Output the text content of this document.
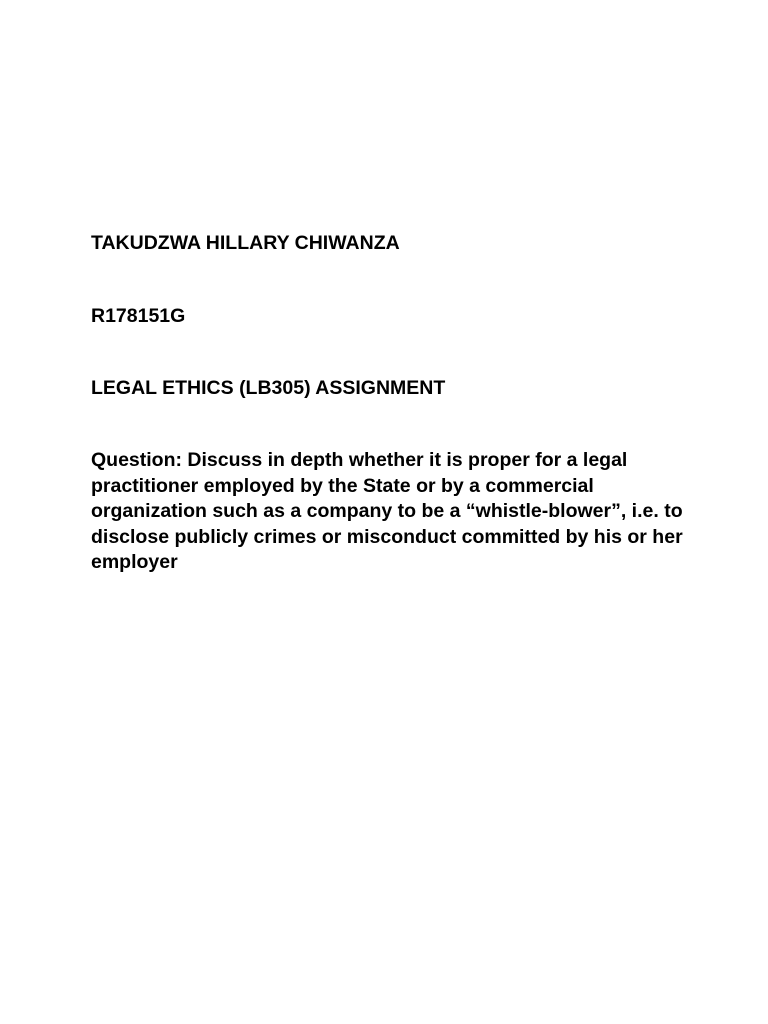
TAKUDZWA HILLARY CHIWANZA
R178151G
LEGAL ETHICS (LB305) ASSIGNMENT
Question: Discuss in depth whether it is proper for a legal practitioner employed by the State or by a commercial organization such as a company to be a “whistle-blower”, i.e. to disclose publicly crimes or misconduct committed by his or her employer
